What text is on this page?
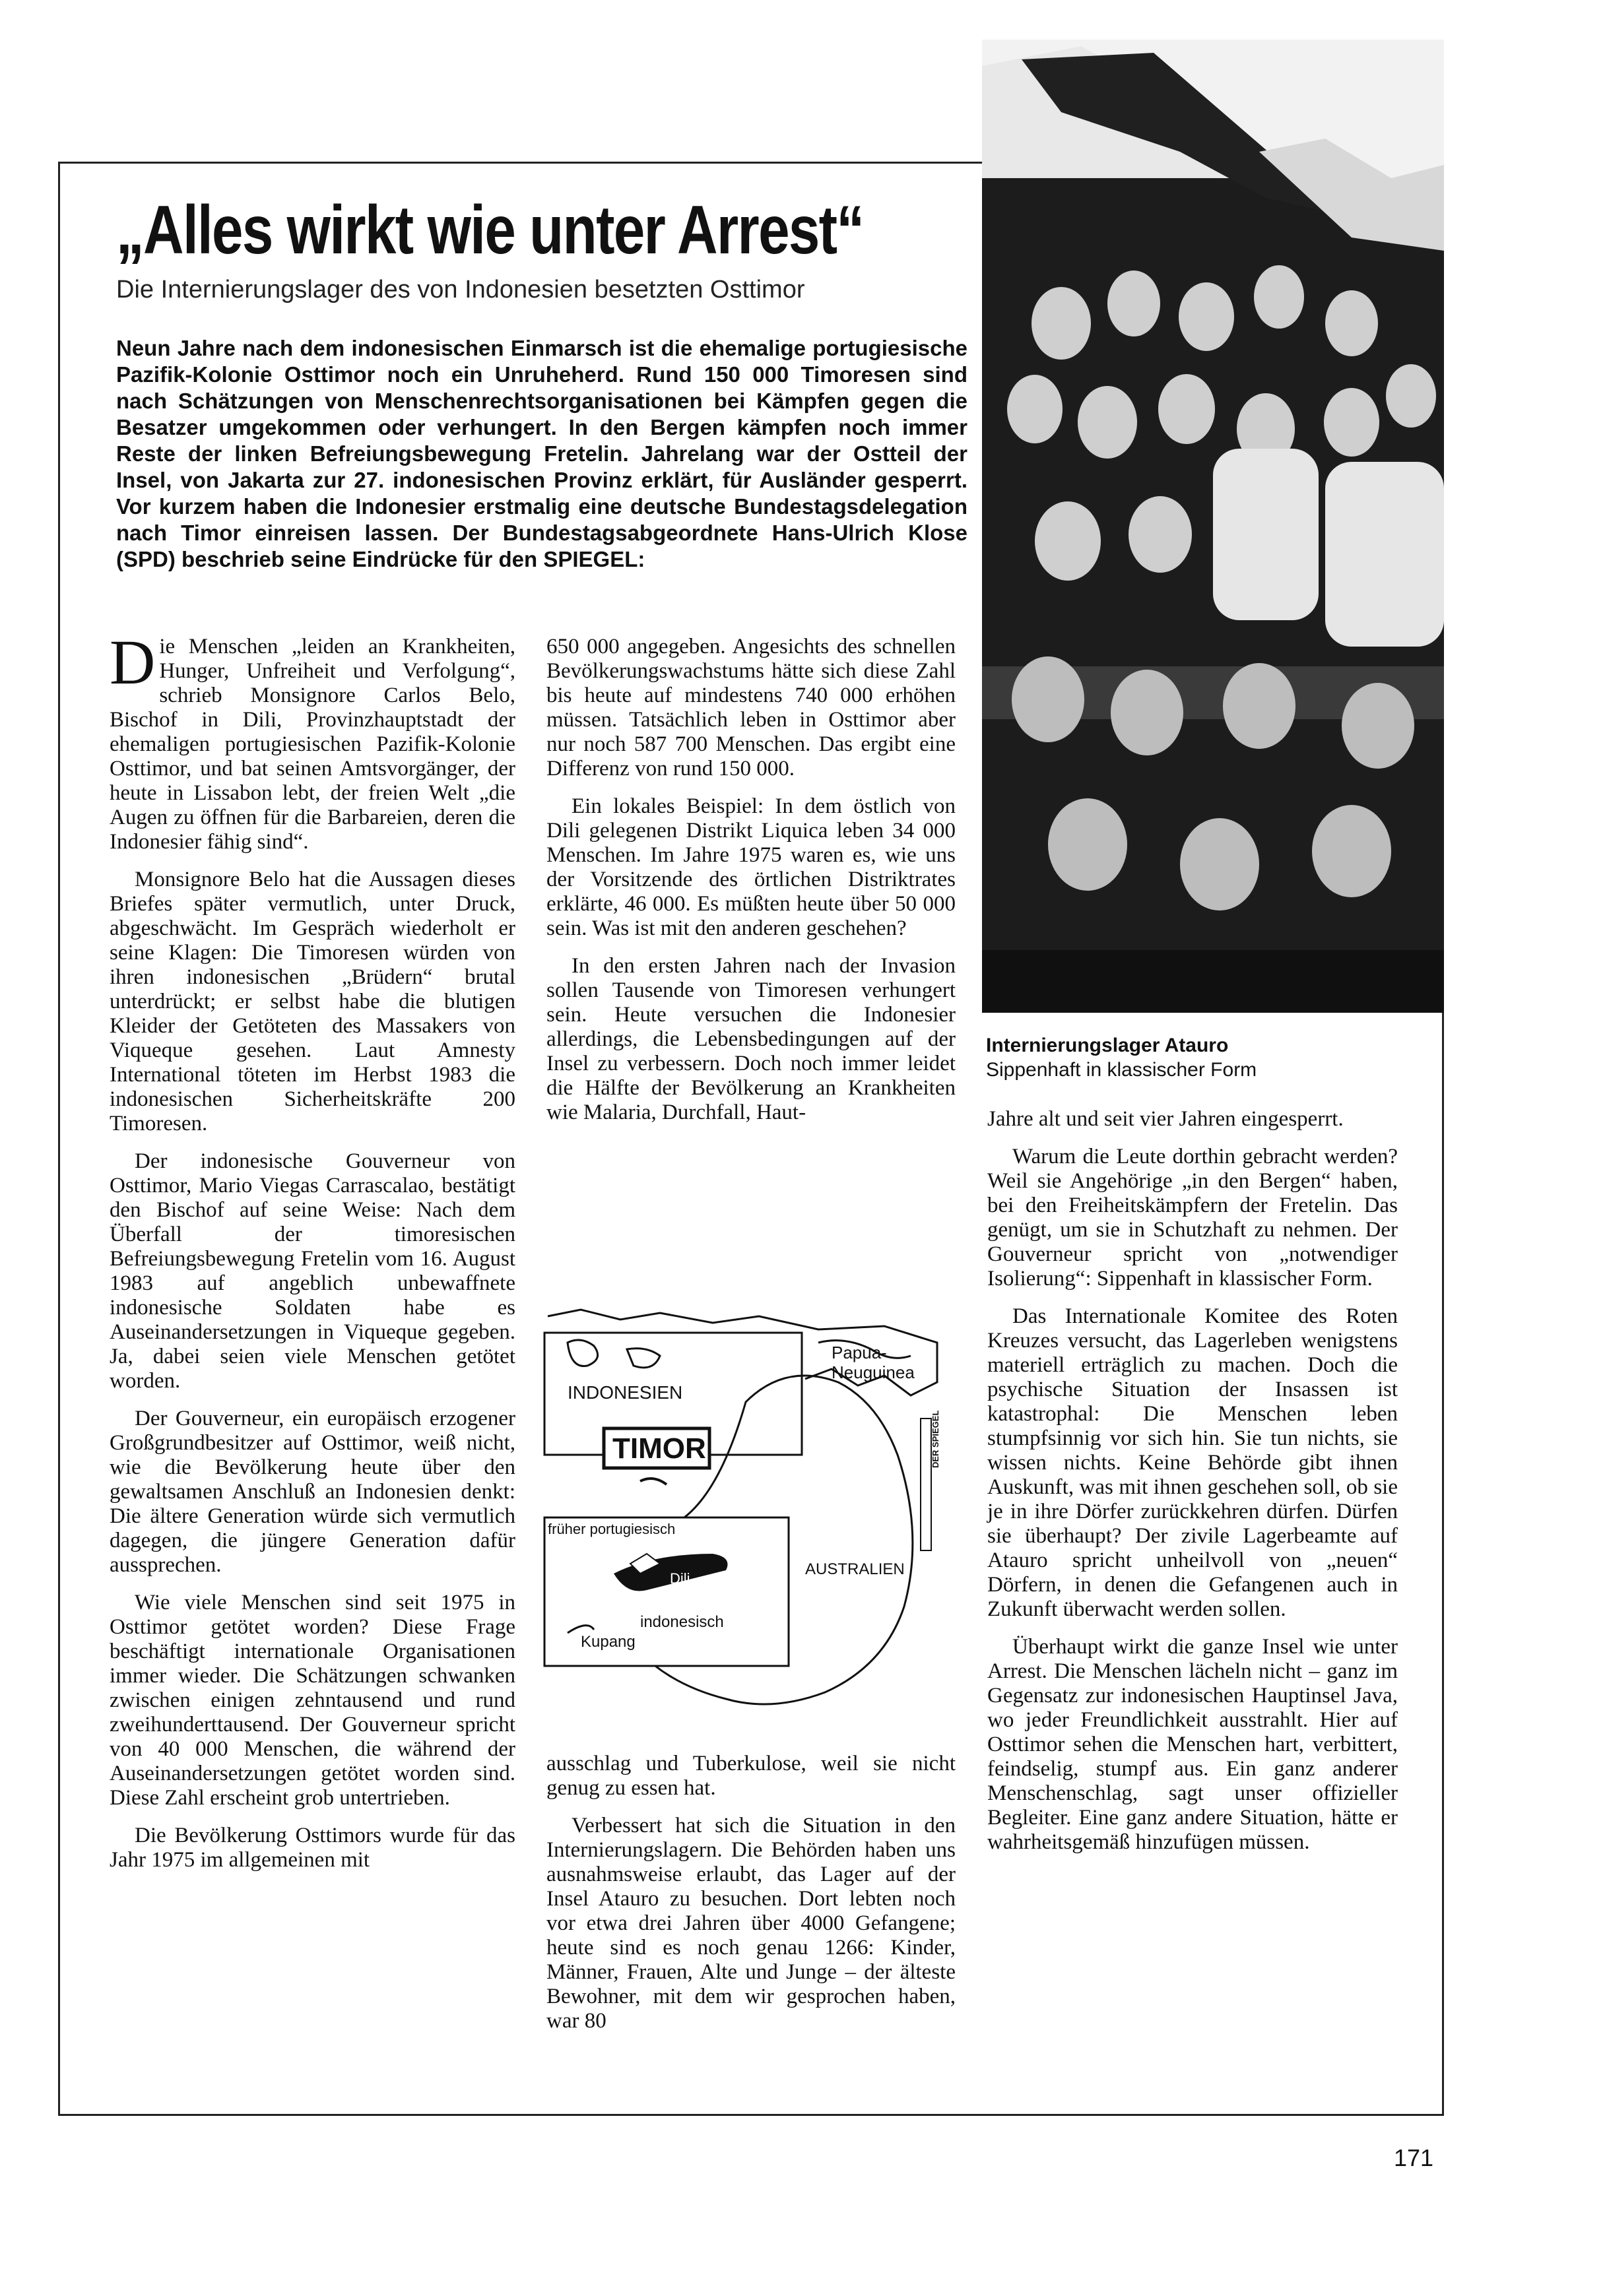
„Alles wirkt wie unter Arrest“
Die Internierungslager des von Indonesien besetzten Osttimor
Neun Jahre nach dem indonesischen Einmarsch ist die ehemalige portugiesische Pazifik-Kolonie Osttimor noch ein Unruheherd. Rund 150 000 Timoresen sind nach Schätzungen von Menschenrechtsorganisationen bei Kämpfen gegen die Besatzer umgekommen oder verhungert. In den Bergen kämpfen noch immer Reste der linken Befreiungsbewegung Fretelin. Jahrelang war der Ostteil der Insel, von Jakarta zur 27. indonesischen Provinz erklärt, für Ausländer gesperrt. Vor kurzem haben die Indonesier erstmalig eine deutsche Bundestagsdelegation nach Timor einreisen lassen. Der Bundestagsabgeordnete Hans-Ulrich Klose (SPD) beschrieb seine Eindrücke für den SPIEGEL:

Die Menschen „leiden an Krankheiten, Hunger, Unfreiheit und Verfolgung“, schrieb Monsignore Carlos Belo, Bischof in Dili, Provinzhauptstadt der ehemaligen portugiesischen Pazifik-Kolonie Osttimor, und bat seinen Amtsvorgänger, der heute in Lissabon lebt, der freien Welt „die Augen zu öffnen für die Barbareien, deren die Indonesier fähig sind“.

Monsignore Belo hat die Aussagen dieses Briefes später vermutlich, unter Druck, abgeschwächt. Im Gespräch wiederholt er seine Klagen: Die Timoresen würden von ihren indonesischen „Brüdern“ brutal unterdrückt; er selbst habe die blutigen Kleider der Getöteten des Massakers von Viqueque gesehen. Laut Amnesty International töteten im Herbst 1983 die indonesischen Sicherheitskräfte 200 Timoresen.

Der indonesische Gouverneur von Osttimor, Mario Viegas Carrascalao, bestätigt den Bischof auf seine Weise: Nach dem Überfall der timoresischen Befreiungsbewegung Fretelin vom 16. August 1983 auf angeblich unbewaffnete indonesische Soldaten habe es Auseinandersetzungen in Viqueque gegeben. Ja, dabei seien viele Menschen getötet worden.

Der Gouverneur, ein europäisch erzogener Großgrundbesitzer auf Osttimor, weiß nicht, wie die Bevölkerung heute über den gewaltsamen Anschluß an Indonesien denkt: Die ältere Generation würde sich vermutlich dagegen, die jüngere Generation dafür aussprechen.

Wie viele Menschen sind seit 1975 in Osttimor getötet worden? Diese Frage beschäftigt internationale Organisationen immer wieder. Die Schätzungen schwanken zwischen einigen zehntausend und rund zweihunderttausend. Der Gouverneur spricht von 40 000 Menschen, die während der Auseinandersetzungen getötet worden sind. Diese Zahl erscheint grob untertrieben.

Die Bevölkerung Osttimors wurde für das Jahr 1975 im allgemeinen mit

650 000 angegeben. Angesichts des schnellen Bevölkerungswachstums hätte sich diese Zahl bis heute auf mindestens 740 000 erhöhen müssen. Tatsächlich leben in Osttimor aber nur noch 587 700 Menschen. Das ergibt eine Differenz von rund 150 000.

Ein lokales Beispiel: In dem östlich von Dili gelegenen Distrikt Liquica leben 34 000 Menschen. Im Jahre 1975 waren es, wie uns der Vorsitzende des örtlichen Distriktrates erklärte, 46 000. Es müßten heute über 50 000 sein. Was ist mit den anderen geschehen?

In den ersten Jahren nach der Invasion sollen Tausende von Timoresen verhungert sein. Heute versuchen die Indonesier allerdings, die Lebensbedingungen auf der Insel zu verbessern. Doch noch immer leidet die Hälfte der Bevölkerung an Krankheiten wie Malaria, Durchfall, Haut-

Papua-
Neuguinea
INDONESIEN
TIMOR
früher portugiesisch
AUSTRALIEN
Dili
indonesisch
Kupang
DER SPIEGEL

ausschlag und Tuberkulose, weil sie nicht genug zu essen hat.

Verbessert hat sich die Situation in den Internierungslagern. Die Behörden haben uns ausnahmsweise erlaubt, das Lager auf der Insel Atauro zu besuchen. Dort lebten noch vor etwa drei Jahren über 4000 Gefangene; heute sind es noch genau 1266: Kinder, Männer, Frauen, Alte und Junge – der älteste Bewohner, mit dem wir gesprochen haben, war 80

Internierungslager Atauro
Sippenhaft in klassischer Form

Jahre alt und seit vier Jahren eingesperrt.

Warum die Leute dorthin gebracht werden? Weil sie Angehörige „in den Bergen“ haben, bei den Freiheitskämpfern der Fretelin. Das genügt, um sie in Schutzhaft zu nehmen. Der Gouverneur spricht von „notwendiger Isolierung“: Sippenhaft in klassischer Form.

Das Internationale Komitee des Roten Kreuzes versucht, das Lagerleben wenigstens materiell erträglich zu machen. Doch die psychische Situation der Insassen ist katastrophal: Die Menschen leben stumpfsinnig vor sich hin. Sie tun nichts, sie wissen nichts. Keine Behörde gibt ihnen Auskunft, was mit ihnen geschehen soll, ob sie je in ihre Dörfer zurückkehren dürfen. Dürfen sie überhaupt? Der zivile Lagerbeamte auf Atauro spricht unheilvoll von „neuen“ Dörfern, in denen die Gefangenen auch in Zukunft überwacht werden sollen.

Überhaupt wirkt die ganze Insel wie unter Arrest. Die Menschen lächeln nicht – ganz im Gegensatz zur indonesischen Hauptinsel Java, wo jeder Freundlichkeit ausstrahlt. Hier auf Osttimor sehen die Menschen hart, verbittert, feindselig, stumpf aus. Ein ganz anderer Menschenschlag, sagt unser offizieller Begleiter. Eine ganz andere Situation, hätte er wahrheitsgemäß hinzufügen müssen.

171
